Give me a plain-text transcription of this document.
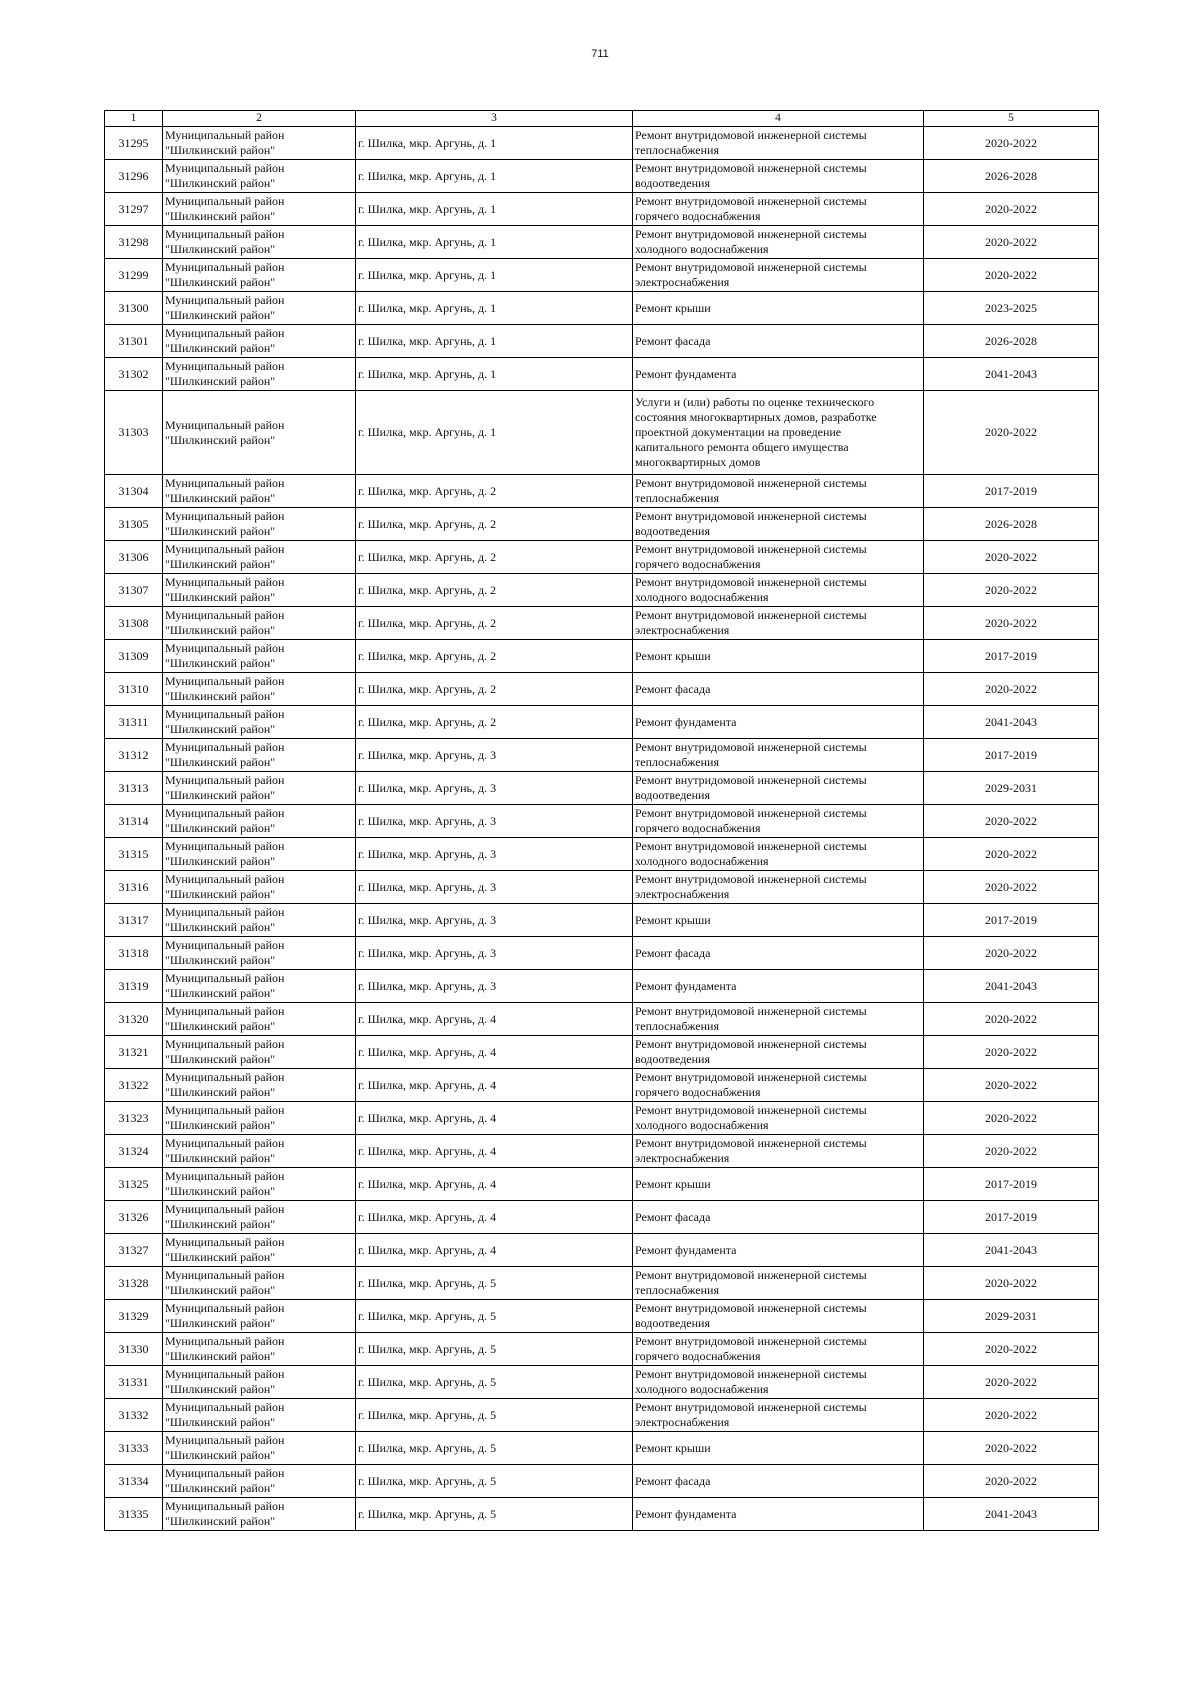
711
1	2	3	4	5
31295	Муниципальный район
"Шилкинский район"	г. Шилка, мкр. Аргунь, д. 1	Ремонт внутридомовой инженерной системы
теплоснабжения	2020-2022
31296	Муниципальный район
"Шилкинский район"	г. Шилка, мкр. Аргунь, д. 1	Ремонт внутридомовой инженерной системы
водоотведения	2026-2028
31297	Муниципальный район
"Шилкинский район"	г. Шилка, мкр. Аргунь, д. 1	Ремонт внутридомовой инженерной системы
горячего водоснабжения	2020-2022
31298	Муниципальный район
"Шилкинский район"	г. Шилка, мкр. Аргунь, д. 1	Ремонт внутридомовой инженерной системы
холодного водоснабжения	2020-2022
31299	Муниципальный район
"Шилкинский район"	г. Шилка, мкр. Аргунь, д. 1	Ремонт внутридомовой инженерной системы
электроснабжения	2020-2022
31300	Муниципальный район
"Шилкинский район"	г. Шилка, мкр. Аргунь, д. 1	Ремонт крыши	2023-2025
31301	Муниципальный район
"Шилкинский район"	г. Шилка, мкр. Аргунь, д. 1	Ремонт фасада	2026-2028
31302	Муниципальный район
"Шилкинский район"	г. Шилка, мкр. Аргунь, д. 1	Ремонт фундамента	2041-2043
31303	Муниципальный район
"Шилкинский район"	г. Шилка, мкр. Аргунь, д. 1	Услуги и (или) работы по оценке технического
состояния многоквартирных домов, разработке
проектной документации на проведение
капитального ремонта общего имущества
многоквартирных домов	2020-2022
31304	Муниципальный район
"Шилкинский район"	г. Шилка, мкр. Аргунь, д. 2	Ремонт внутридомовой инженерной системы
теплоснабжения	2017-2019
31305	Муниципальный район
"Шилкинский район"	г. Шилка, мкр. Аргунь, д. 2	Ремонт внутридомовой инженерной системы
водоотведения	2026-2028
31306	Муниципальный район
"Шилкинский район"	г. Шилка, мкр. Аргунь, д. 2	Ремонт внутридомовой инженерной системы
горячего водоснабжения	2020-2022
31307	Муниципальный район
"Шилкинский район"	г. Шилка, мкр. Аргунь, д. 2	Ремонт внутридомовой инженерной системы
холодного водоснабжения	2020-2022
31308	Муниципальный район
"Шилкинский район"	г. Шилка, мкр. Аргунь, д. 2	Ремонт внутридомовой инженерной системы
электроснабжения	2020-2022
31309	Муниципальный район
"Шилкинский район"	г. Шилка, мкр. Аргунь, д. 2	Ремонт крыши	2017-2019
31310	Муниципальный район
"Шилкинский район"	г. Шилка, мкр. Аргунь, д. 2	Ремонт фасада	2020-2022
31311	Муниципальный район
"Шилкинский район"	г. Шилка, мкр. Аргунь, д. 2	Ремонт фундамента	2041-2043
31312	Муниципальный район
"Шилкинский район"	г. Шилка, мкр. Аргунь, д. 3	Ремонт внутридомовой инженерной системы
теплоснабжения	2017-2019
31313	Муниципальный район
"Шилкинский район"	г. Шилка, мкр. Аргунь, д. 3	Ремонт внутридомовой инженерной системы
водоотведения	2029-2031
31314	Муниципальный район
"Шилкинский район"	г. Шилка, мкр. Аргунь, д. 3	Ремонт внутридомовой инженерной системы
горячего водоснабжения	2020-2022
31315	Муниципальный район
"Шилкинский район"	г. Шилка, мкр. Аргунь, д. 3	Ремонт внутридомовой инженерной системы
холодного водоснабжения	2020-2022
31316	Муниципальный район
"Шилкинский район"	г. Шилка, мкр. Аргунь, д. 3	Ремонт внутридомовой инженерной системы
электроснабжения	2020-2022
31317	Муниципальный район
"Шилкинский район"	г. Шилка, мкр. Аргунь, д. 3	Ремонт крыши	2017-2019
31318	Муниципальный район
"Шилкинский район"	г. Шилка, мкр. Аргунь, д. 3	Ремонт фасада	2020-2022
31319	Муниципальный район
"Шилкинский район"	г. Шилка, мкр. Аргунь, д. 3	Ремонт фундамента	2041-2043
31320	Муниципальный район
"Шилкинский район"	г. Шилка, мкр. Аргунь, д. 4	Ремонт внутридомовой инженерной системы
теплоснабжения	2020-2022
31321	Муниципальный район
"Шилкинский район"	г. Шилка, мкр. Аргунь, д. 4	Ремонт внутридомовой инженерной системы
водоотведения	2020-2022
31322	Муниципальный район
"Шилкинский район"	г. Шилка, мкр. Аргунь, д. 4	Ремонт внутридомовой инженерной системы
горячего водоснабжения	2020-2022
31323	Муниципальный район
"Шилкинский район"	г. Шилка, мкр. Аргунь, д. 4	Ремонт внутридомовой инженерной системы
холодного водоснабжения	2020-2022
31324	Муниципальный район
"Шилкинский район"	г. Шилка, мкр. Аргунь, д. 4	Ремонт внутридомовой инженерной системы
электроснабжения	2020-2022
31325	Муниципальный район
"Шилкинский район"	г. Шилка, мкр. Аргунь, д. 4	Ремонт крыши	2017-2019
31326	Муниципальный район
"Шилкинский район"	г. Шилка, мкр. Аргунь, д. 4	Ремонт фасада	2017-2019
31327	Муниципальный район
"Шилкинский район"	г. Шилка, мкр. Аргунь, д. 4	Ремонт фундамента	2041-2043
31328	Муниципальный район
"Шилкинский район"	г. Шилка, мкр. Аргунь, д. 5	Ремонт внутридомовой инженерной системы
теплоснабжения	2020-2022
31329	Муниципальный район
"Шилкинский район"	г. Шилка, мкр. Аргунь, д. 5	Ремонт внутридомовой инженерной системы
водоотведения	2029-2031
31330	Муниципальный район
"Шилкинский район"	г. Шилка, мкр. Аргунь, д. 5	Ремонт внутридомовой инженерной системы
горячего водоснабжения	2020-2022
31331	Муниципальный район
"Шилкинский район"	г. Шилка, мкр. Аргунь, д. 5	Ремонт внутридомовой инженерной системы
холодного водоснабжения	2020-2022
31332	Муниципальный район
"Шилкинский район"	г. Шилка, мкр. Аргунь, д. 5	Ремонт внутридомовой инженерной системы
электроснабжения	2020-2022
31333	Муниципальный район
"Шилкинский район"	г. Шилка, мкр. Аргунь, д. 5	Ремонт крыши	2020-2022
31334	Муниципальный район
"Шилкинский район"	г. Шилка, мкр. Аргунь, д. 5	Ремонт фасада	2020-2022
31335	Муниципальный район
"Шилкинский район"	г. Шилка, мкр. Аргунь, д. 5	Ремонт фундамента	2041-2043
